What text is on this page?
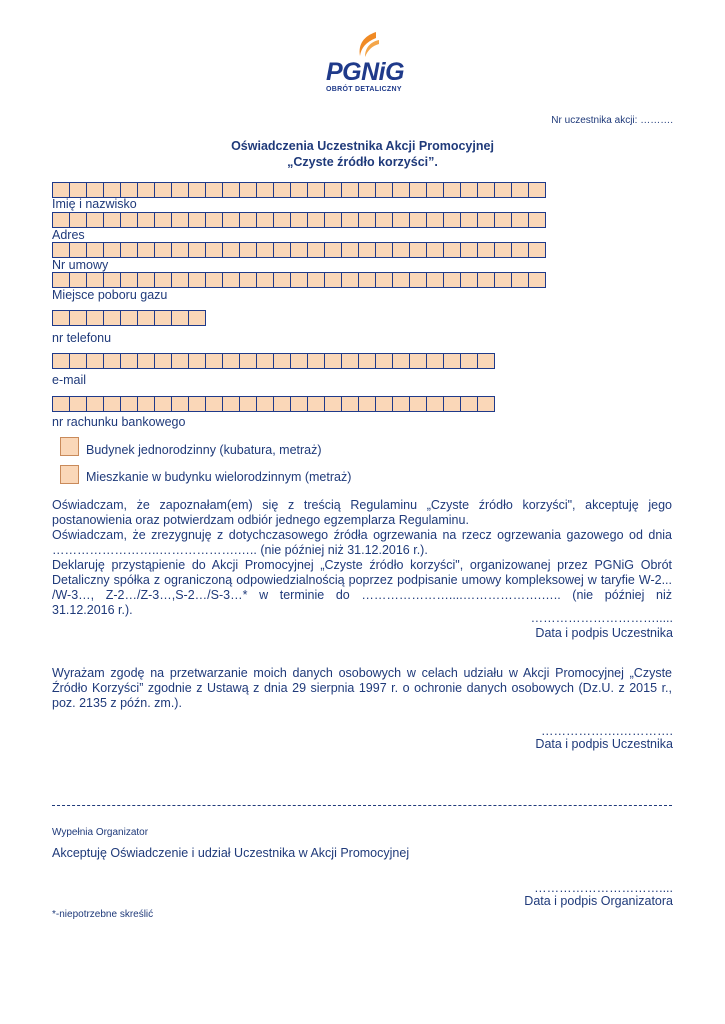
PGNiG
OBRÓT DETALICZNY
Nr uczestnika akcji: ……….
Oświadczenia Uczestnika Akcji Promocyjnej
„Czyste źródło korzyści”.
Imię i nazwisko
Adres
Nr umowy
Miejsce poboru gazu
nr telefonu
e-mail
nr rachunku bankowego
Budynek jednorodzinny (kubatura, metraż)
Mieszkanie w budynku wielorodzinnym (metraż)

Oświadczam, że zapoznałam(em) się z treścią Regulaminu „Czyste źródło korzyści", akceptuję jego postanowienia oraz potwierdzam odbiór jednego egzemplarza Regulaminu.

Oświadczam, że zrezygnuję z dotychczasowego źródła ogrzewania na rzecz ogrzewania gazowego od dnia ……………………..……………….….. (nie później niż 31.12.2016 r.).

Deklaruję przystąpienie do Akcji Promocyjnej „Czyste źródło korzyści", organizowanej przez PGNiG Obrót Detaliczny spółka z ograniczoną odpowiedzialnością poprzez podpisanie umowy kompleksowej w taryfie W-2... /W-3…, Z-2…/Z-3…,S-2…/S-3…* w terminie do …………………....……………….….. (nie później niż 31.12.2016 r.).

………………………….....
Data i podpis Uczestnika
Wyrażam zgodę na przetwarzanie moich danych osobowych w celach udziału w Akcji Promocyjnej „Czyste Źródło Korzyści” zgodnie z Ustawą z dnia 29 sierpnia 1997 r. o ochronie danych osobowych (Dz.U. z 2015 r., poz. 2135 z późn. zm.).
……………….………….
Data i podpis Uczestnika
Wypełnia Organizator
Akceptuję Oświadczenie i udział Uczestnika w Akcji Promocyjnej
…………………………....
Data i podpis Organizatora
*-niepotrzebne skreślić
